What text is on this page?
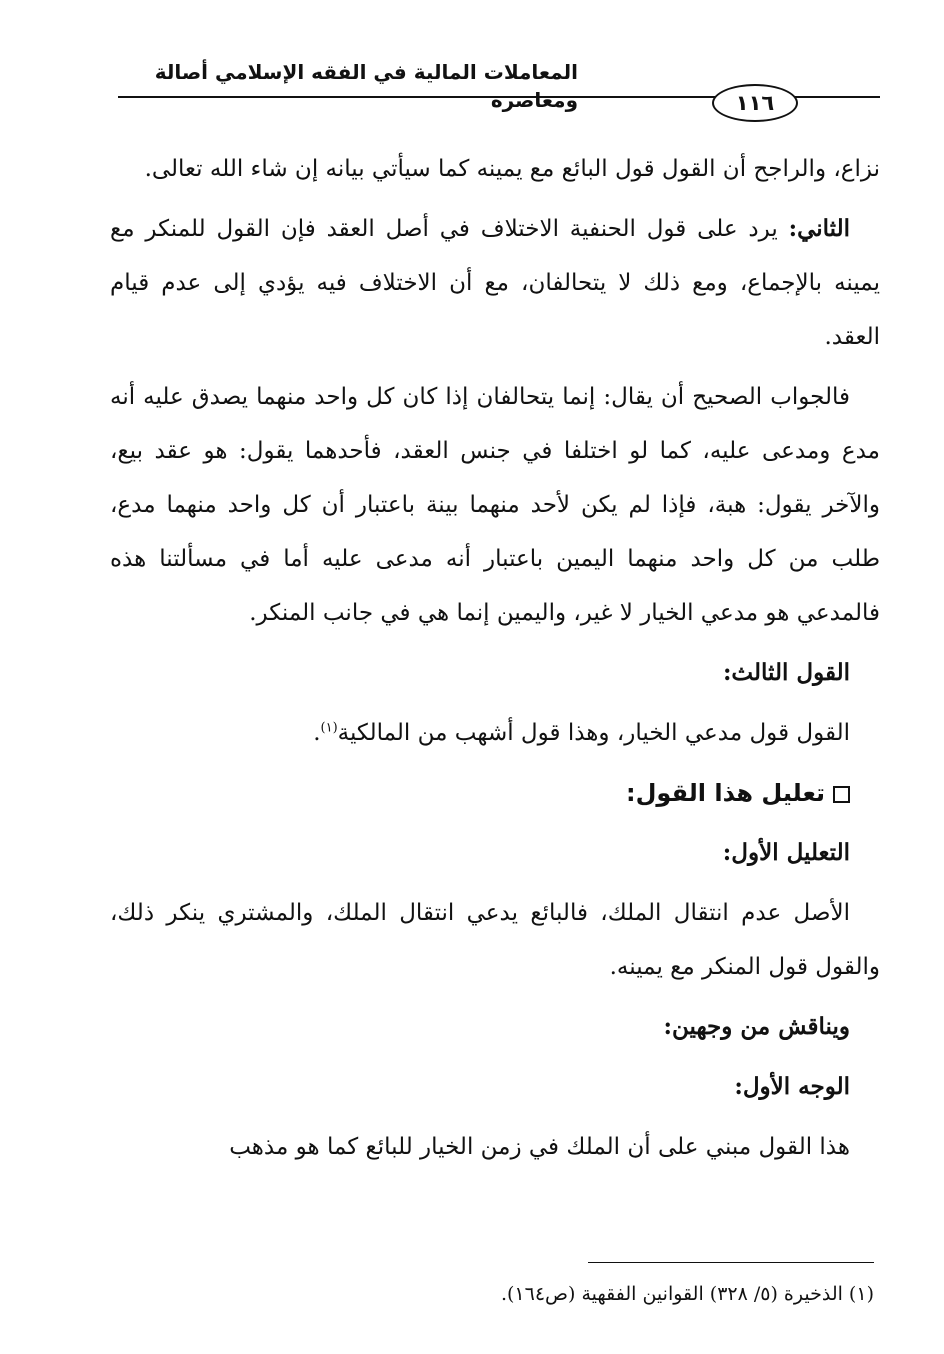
المعاملات المالية في الفقه الإسلامي أصالة ومعاصرة	١١٦

نزاع، والراجح أن القول قول البائع مع يمينه كما سيأتي بيانه إن شاء الله تعالى.

الثاني: يرد على قول الحنفية الاختلاف في أصل العقد فإن القول للمنكر مع يمينه بالإجماع، ومع ذلك لا يتحالفان، مع أن الاختلاف فيه يؤدي إلى عدم قيام العقد.

فالجواب الصحيح أن يقال: إنما يتحالفان إذا كان كل واحد منهما يصدق عليه أنه مدع ومدعى عليه، كما لو اختلفا في جنس العقد، فأحدهما يقول: هو عقد بيع، والآخر يقول: هبة، فإذا لم يكن لأحد منهما بينة باعتبار أن كل واحد منهما مدع، طلب من كل واحد منهما اليمين باعتبار أنه مدعى عليه أما في مسألتنا هذه فالمدعي هو مدعي الخيار لا غير، واليمين إنما هي في جانب المنكر.

القول الثالث:

القول قول مدعي الخيار، وهذا قول أشهب من المالكية$^{(١)}$.

تعليل هذا القول:

التعليل الأول:

الأصل عدم انتقال الملك، فالبائع يدعي انتقال الملك، والمشتري ينكر ذلك، والقول قول المنكر مع يمينه.

ويناقش من وجهين:

الوجه الأول:

هذا القول مبني على أن الملك في زمن الخيار للبائع كما هو مذهب

(١) الذخيرة (٥/ ٣٢٨) القوانين الفقهية (ص١٦٤).
